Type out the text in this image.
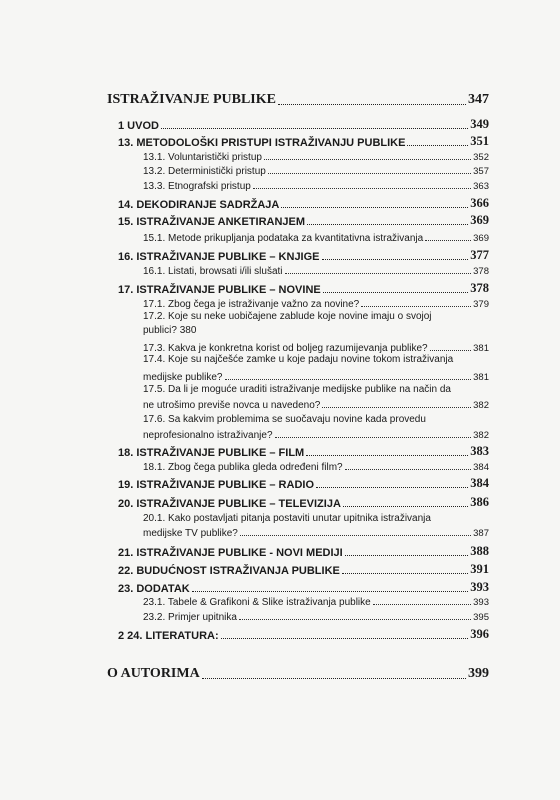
ISTRAŽIVANJE PUBLIKE	347
1 UVOD	349
13. METODOLOŠKI PRISTUPI ISTRAŽIVANJU PUBLIKE	351
13.1. Voluntaristički pristup	352
13.2. Deterministički pristup	357
13.3. Etnografski pristup	363
14. DEKODIRANJE SADRŽAJA	366
15. ISTRAŽIVANJE ANKETIRANJEM	369
15.1. Metode prikupljanja podataka za kvantitativna istraživanja	369
16. ISTRAŽIVANJE PUBLIKE – KNJIGE	377
16.1. Listati, browsati i/ili slušati	378
17. ISTRAŽIVANJE PUBLIKE – NOVINE	378
17.1. Zbog čega je istraživanje važno za novine?	379
17.2. Koje su neke uobičajene zablude koje novine imaju o svojoj
publici? 380
17.3. Kakva je konkretna korist od boljeg razumijevanja publike?	381
17.4. Koje su najčešće zamke u koje padaju novine tokom istraživanja
medijske publike?	381
17.5. Da li je moguće uraditi istraživanje medijske publike na način da
ne utrošimo previše novca u navedeno?	382
17.6. Sa kakvim problemima se suočavaju novine kada provedu
neprofesionalno istraživanje?	382
18. ISTRAŽIVANJE PUBLIKE – FILM	383
18.1. Zbog čega publika gleda određeni film?	384
19. ISTRAŽIVANJE PUBLIKE – RADIO	384
20. ISTRAŽIVANJE PUBLIKE – TELEVIZIJA	386
20.1. Kako postavljati pitanja postaviti unutar upitnika istraživanja
medijske TV publike?	387
21. ISTRAŽIVANJE PUBLIKE - NOVI MEDIJI	388
22. BUDUĆNOST ISTRAŽIVANJA PUBLIKE	391
23. DODATAK	393
23.1. Tabele & Grafikoni & Slike istraživanja publike	393
23.2. Primjer upitnika	395
2 24. LITERATURA:	396
O AUTORIMA	399
